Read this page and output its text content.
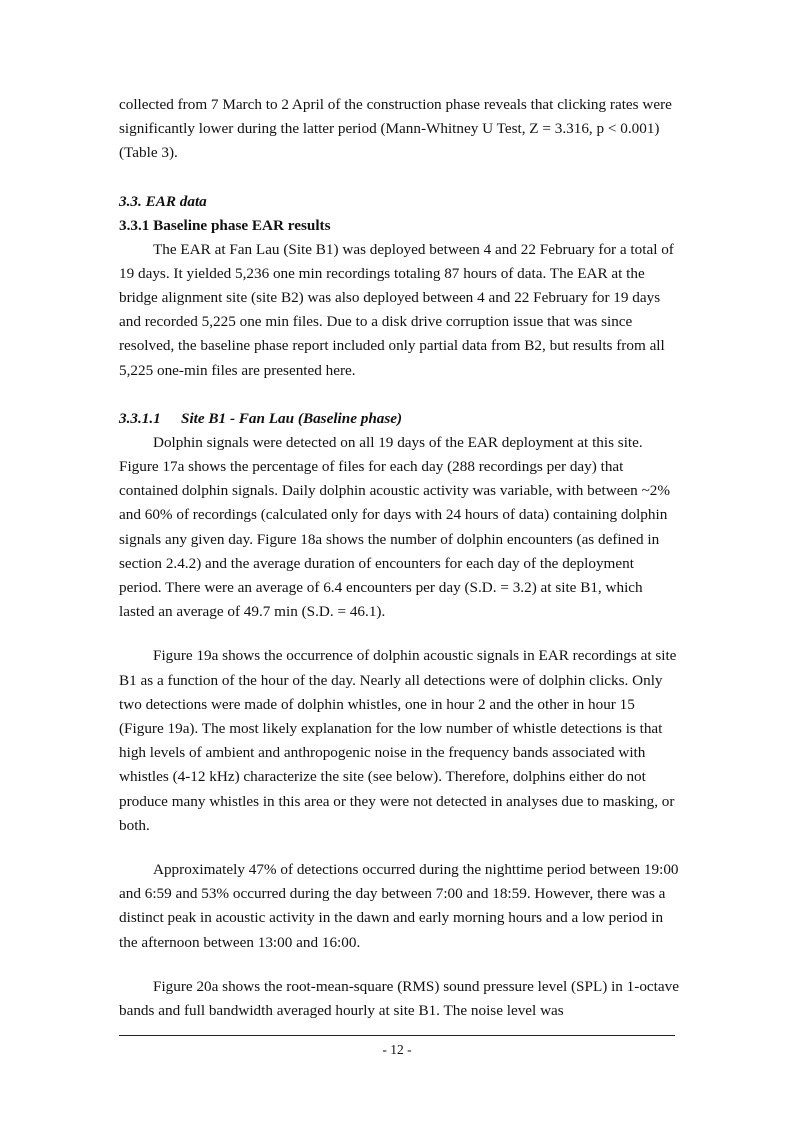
collected from 7 March to 2 April of the construction phase reveals that clicking rates were significantly lower during the latter period (Mann-Whitney U Test, Z = 3.316, p < 0.001) (Table 3).

3.3. EAR data
3.3.1 Baseline phase EAR results

The EAR at Fan Lau (Site B1) was deployed between 4 and 22 February for a total of 19 days. It yielded 5,236 one min recordings totaling 87 hours of data. The EAR at the bridge alignment site (site B2) was also deployed between 4 and 22 February for 19 days and recorded 5,225 one min files. Due to a disk drive corruption issue that was since resolved, the baseline phase report included only partial data from B2, but results from all 5,225 one-min files are presented here.

3.3.1.1 Site B1 - Fan Lau (Baseline phase)

Dolphin signals were detected on all 19 days of the EAR deployment at this site. Figure 17a shows the percentage of files for each day (288 recordings per day) that contained dolphin signals. Daily dolphin acoustic activity was variable, with between ~2% and 60% of recordings (calculated only for days with 24 hours of data) containing dolphin signals any given day. Figure 18a shows the number of dolphin encounters (as defined in section 2.4.2) and the average duration of encounters for each day of the deployment period. There were an average of 6.4 encounters per day (S.D. = 3.2) at site B1, which lasted an average of 49.7 min (S.D. = 46.1).

Figure 19a shows the occurrence of dolphin acoustic signals in EAR recordings at site B1 as a function of the hour of the day. Nearly all detections were of dolphin clicks. Only two detections were made of dolphin whistles, one in hour 2 and the other in hour 15 (Figure 19a). The most likely explanation for the low number of whistle detections is that high levels of ambient and anthropogenic noise in the frequency bands associated with whistles (4-12 kHz) characterize the site (see below). Therefore, dolphins either do not produce many whistles in this area or they were not detected in analyses due to masking, or both.

Approximately 47% of detections occurred during the nighttime period between 19:00 and 6:59 and 53% occurred during the day between 7:00 and 18:59. However, there was a distinct peak in acoustic activity in the dawn and early morning hours and a low period in the afternoon between 13:00 and 16:00.

Figure 20a shows the root-mean-square (RMS) sound pressure level (SPL) in 1-octave bands and full bandwidth averaged hourly at site B1. The noise level was

- 12 -
